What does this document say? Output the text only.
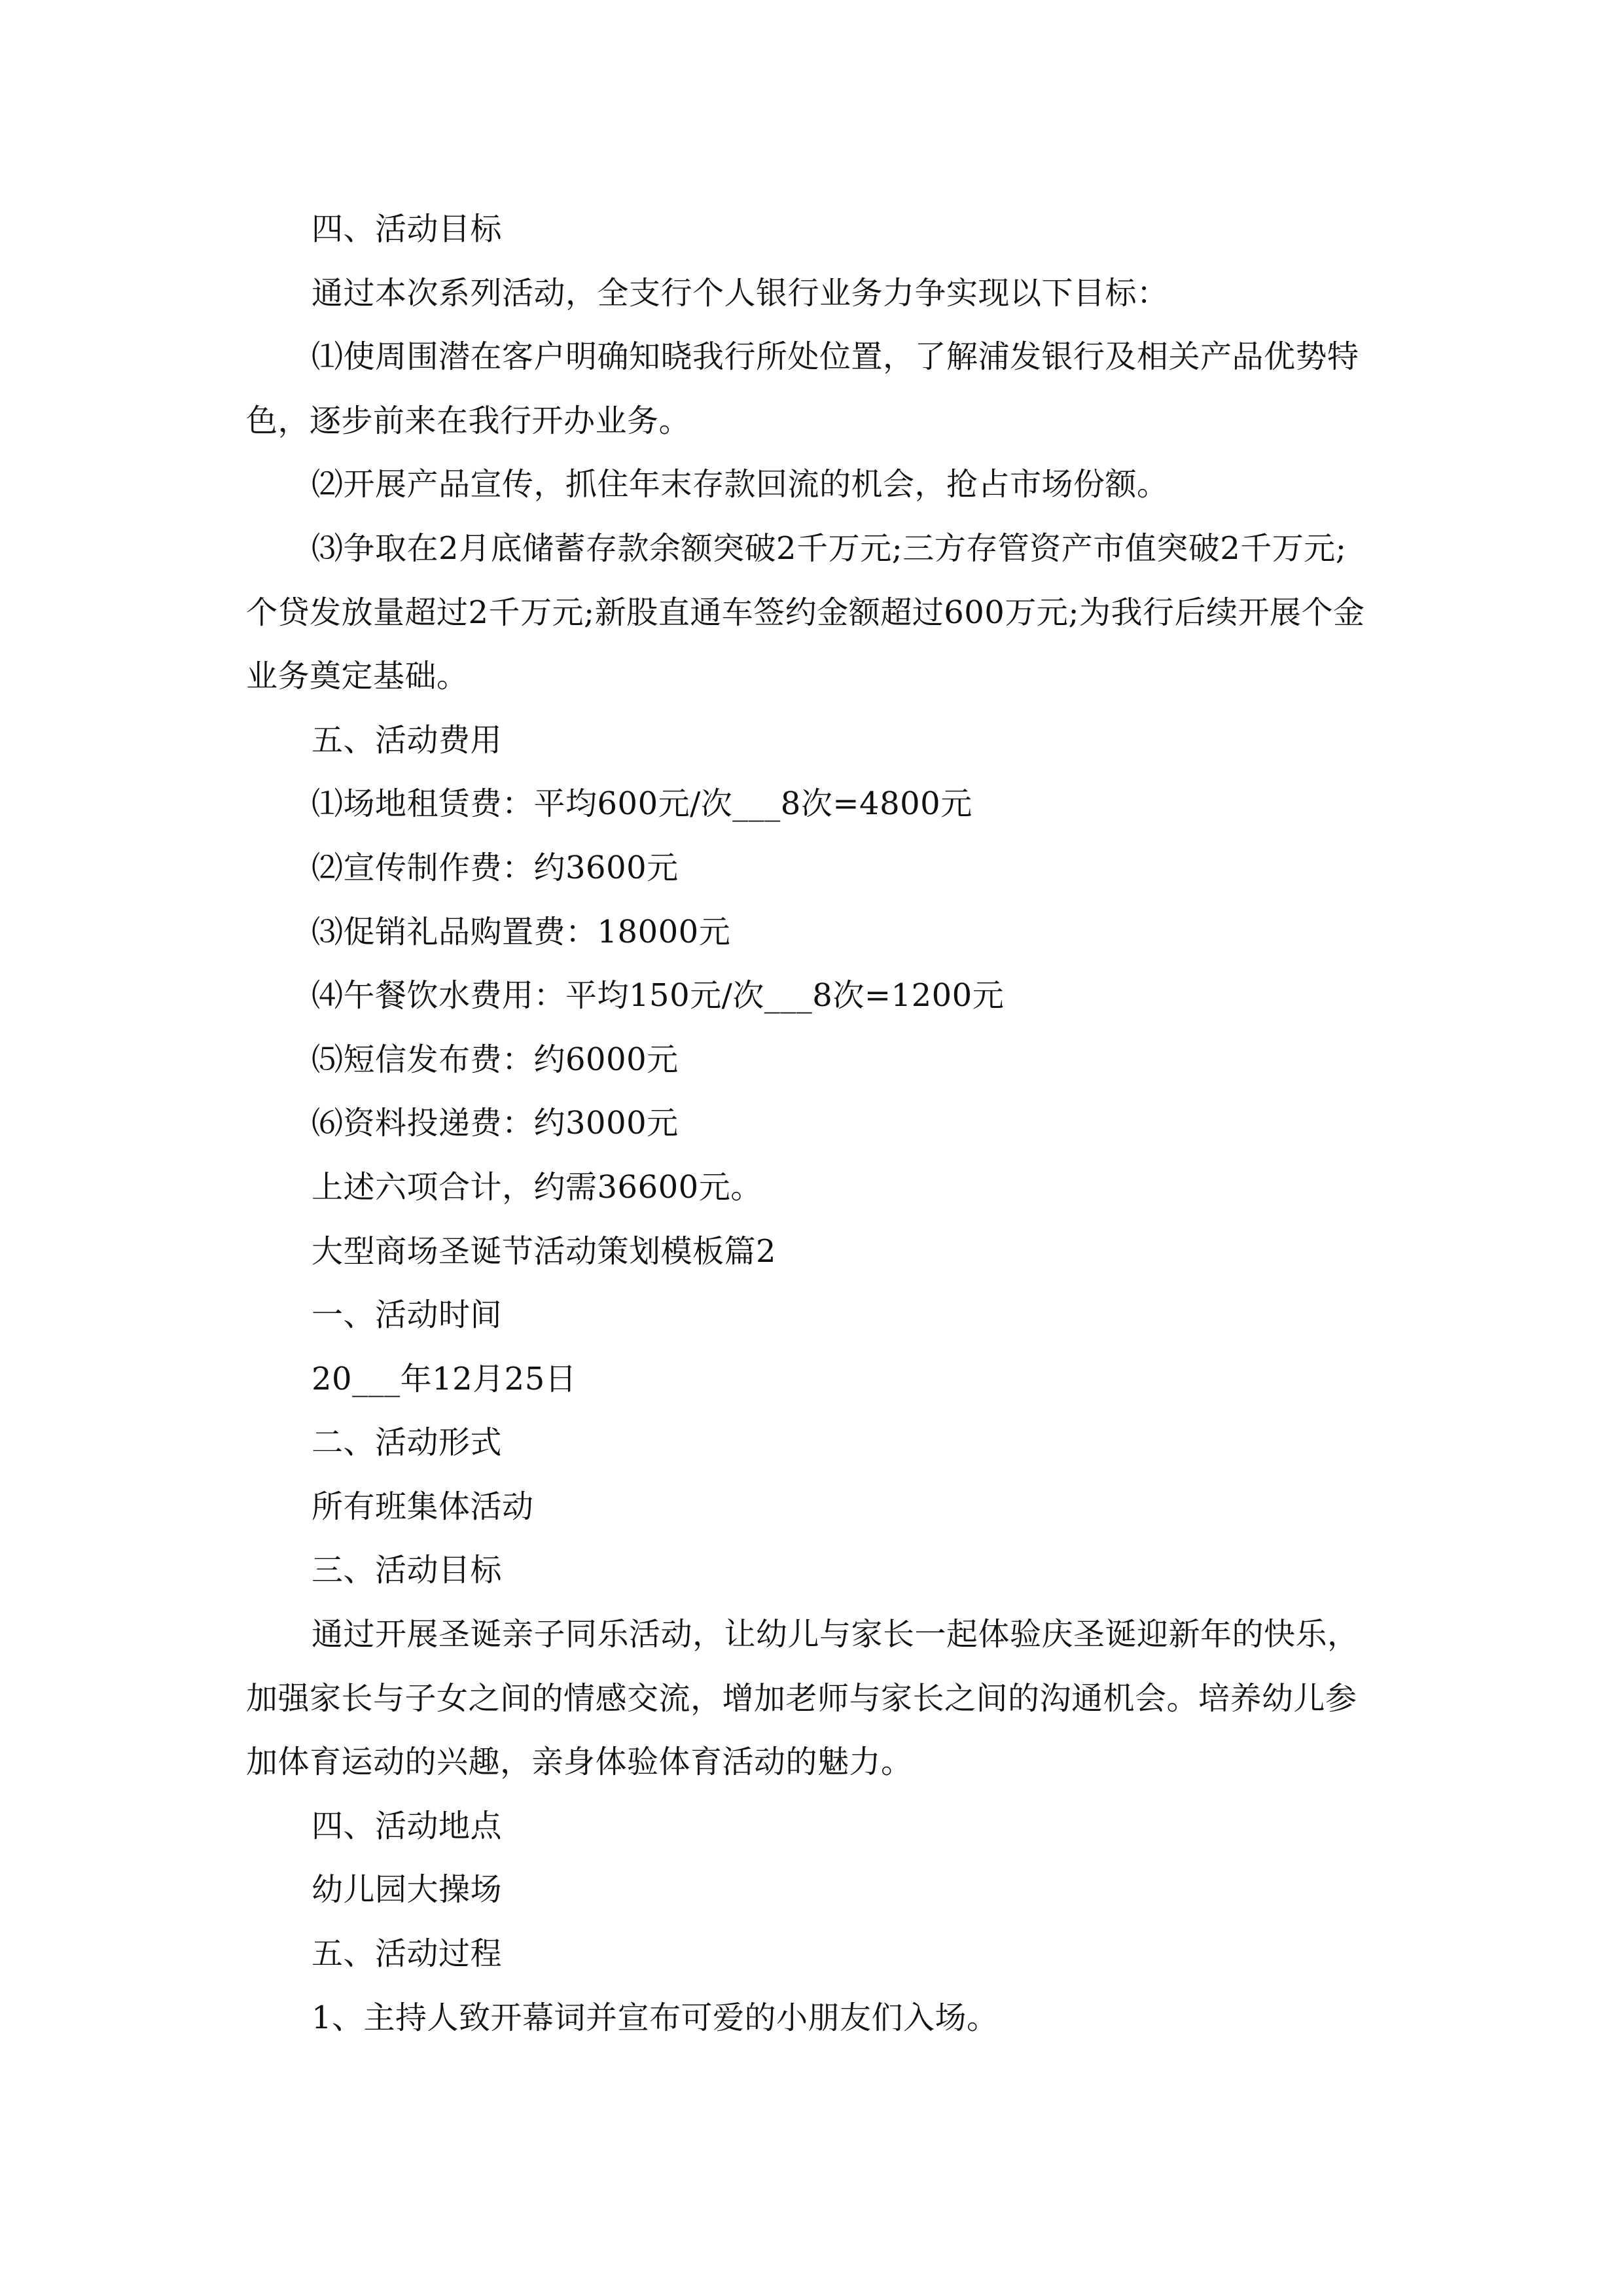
四、活动目标

通过本次系列活动，全支行个人银行业务力争实现以下目标：

⑴使周围潜在客户明确知晓我行所处位置，了解浦发银行及相关产品优势特色，逐步前来在我行开办业务。

⑵开展产品宣传，抓住年末存款回流的机会，抢占市场份额。

⑶争取在2月底储蓄存款余额突破2千万元;三方存管资产市值突破2千万元;个贷发放量超过2千万元;新股直通车签约金额超过600万元;为我行后续开展个金业务奠定基础。

五、活动费用

⑴场地租赁费：平均600元/次___8次=4800元

⑵宣传制作费：约3600元

⑶促销礼品购置费：18000元

⑷午餐饮水费用：平均150元/次___8次=1200元

⑸短信发布费：约6000元

⑹资料投递费：约3000元

上述六项合计，约需36600元。

大型商场圣诞节活动策划模板篇2

一、活动时间

20___年12月25日

二、活动形式

所有班集体活动

三、活动目标

通过开展圣诞亲子同乐活动，让幼儿与家长一起体验庆圣诞迎新年的快乐，加强家长与子女之间的情感交流，增加老师与家长之间的沟通机会。培养幼儿参加体育运动的兴趣，亲身体验体育活动的魅力。

四、活动地点

幼儿园大操场

五、活动过程

1、主持人致开幕词并宣布可爱的小朋友们入场。
